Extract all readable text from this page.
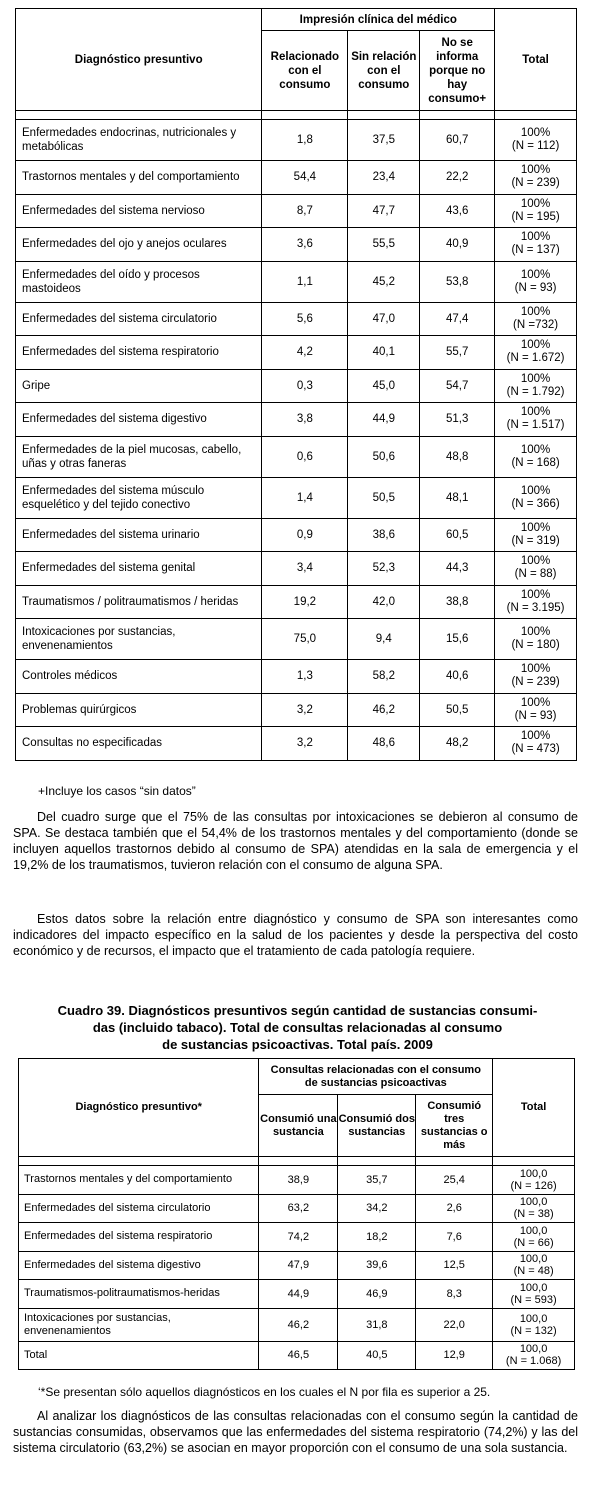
Diagnóstico presuntivo	Impresión clínica del médico			Total
	Relacionado con el consumo	Sin relación con el consumo	No se informa porque no hay consumo+	

Enfermedades endocrinas, nutricionales y metabólicas	1,8	37,5	60,7	100%
(N = 112)

Trastornos mentales y del comportamiento	54,4	23,4	22,2	100%
(N = 239)

Enfermedades del sistema nervioso	8,7	47,7	43,6	100%
(N = 195)

Enfermedades del ojo y anejos oculares	3,6	55,5	40,9	100%
(N = 137)

Enfermedades del oído y procesos mastoideos	1,1	45,2	53,8	100%
(N = 93)

Enfermedades del sistema circulatorio	5,6	47,0	47,4	100%
(N =732)

Enfermedades del sistema respiratorio	4,2	40,1	55,7	100%
(N = 1.672)

Gripe	0,3	45,0	54,7	100%
(N = 1.792)

Enfermedades del sistema digestivo	3,8	44,9	51,3	100%
(N = 1.517)

Enfermedades de la piel mucosas, cabello, uñas y otras faneras	0,6	50,6	48,8	100%
(N = 168)

Enfermedades del sistema músculo esquelético y del tejido conectivo	1,4	50,5	48,1	100%
(N = 366)

Enfermedades del sistema urinario	0,9	38,6	60,5	100%
(N = 319)

Enfermedades del sistema genital	3,4	52,3	44,3	100%
(N = 88)

Traumatismos / politraumatismos / heridas	19,2	42,0	38,8	100%
(N = 3.195)

Intoxicaciones por sustancias, envenenamientos	75,0	9,4	15,6	100%
(N = 180)

Controles médicos	1,3	58,2	40,6	100%
(N = 239)

Problemas quirúrgicos	3,2	46,2	50,5	100%
(N = 93)

Consultas no especificadas	3,2	48,6	48,2	100%
(N = 473)
+Incluye los casos “sin datos”

Del cuadro surge que el 75% de las consultas por intoxicaciones se debieron al consumo de SPA. Se destaca también que el 54,4% de los trastornos mentales y del comportamiento (donde se incluyen aquellos trastornos debido al consumo de SPA) atendidas en la sala de emergencia y el 19,2% de los traumatismos, tuvieron relación con el consumo de alguna SPA.

Estos datos sobre la relación entre diagnóstico y consumo de SPA son interesantes como indicadores del impacto específico en la salud de los pacientes y desde la perspectiva del costo económico y de recursos, el impacto que el tratamiento de cada patología requiere.

Cuadro 39. Diagnósticos presuntivos según cantidad de sustancias consumi-
das (incluido tabaco). Total de consultas relacionadas al consumo
de sustancias psicoactivas. Total país. 2009
Diagnóstico presuntivo*	Consultas relacionadas con el consumo de sustancias psicoactivas			Total
	Consumió una sustancia	Consumió dos sustancias	Consumió tres sustancias o más	

Trastornos mentales y del comportamiento	38,9	35,7	25,4	100,0
(N = 126)

Enfermedades del sistema circulatorio	63,2	34,2	2,6	100,0
(N = 38)

Enfermedades del sistema respiratorio	74,2	18,2	7,6	100,0
(N = 66)

Enfermedades del sistema digestivo	47,9	39,6	12,5	100,0
(N = 48)

Traumatismos-politraumatismos-heridas	44,9	46,9	8,3	100,0
(N = 593)

Intoxicaciones por sustancias, envenenamientos	46,2	31,8	22,0	100,0
(N = 132)

Total	46,5	40,5	12,9	100,0
(N = 1.068)
‘*Se presentan sólo aquellos diagnósticos en los cuales el N por fila es superior a 25.

Al analizar los diagnósticos de las consultas relacionadas con el consumo según la cantidad de sustancias consumidas, observamos que las enfermedades del sistema respiratorio (74,2%) y las del sistema circulatorio (63,2%) se asocian en mayor proporción con el consumo de una sola sustancia.
